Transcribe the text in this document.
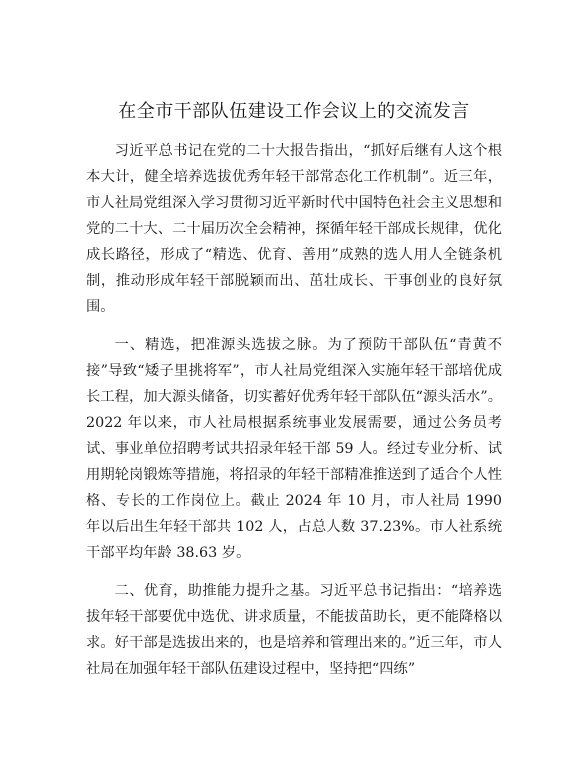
在全市干部队伍建设工作会议上的交流发言

习近平总书记在党的二十大报告指出，“抓好后继有人这个根本大计，健全培养选拔优秀年轻干部常态化工作机制”。近三年，市人社局党组深入学习贯彻习近平新时代中国特色社会主义思想和党的二十大、二十届历次全会精神，探循年轻干部成长规律，优化成长路径，形成了“精选、优育、善用”成熟的选人用人全链条机制，推动形成年轻干部脱颖而出、茁壮成长、干事创业的良好氛围。

一、精选，把准源头选拔之脉。为了预防干部队伍“青黄不接”导致“矮子里挑将军”，市人社局党组深入实施年轻干部培优成长工程，加大源头储备，切实蓄好优秀年轻干部队伍“源头活水”。2022 年以来，市人社局根据系统事业发展需要，通过公务员考试、事业单位招聘考试共招录年轻干部 59 人。经过专业分析、试用期轮岗锻炼等措施，将招录的年轻干部精准推送到了适合个人性格、专长的工作岗位上。截止 2024 年 10 月，市人社局 1990 年以后出生年轻干部共 102 人，占总人数 37.23%。市人社系统干部平均年龄 38.63 岁。

二、优育，助推能力提升之基。习近平总书记指出：“培养选拔年轻干部要优中选优、讲求质量，不能拔苗助长，更不能降格以求。好干部是选拔出来的，也是培养和管理出来的。”近三年，市人社局在加强年轻干部队伍建设过程中，坚持把“四练”
